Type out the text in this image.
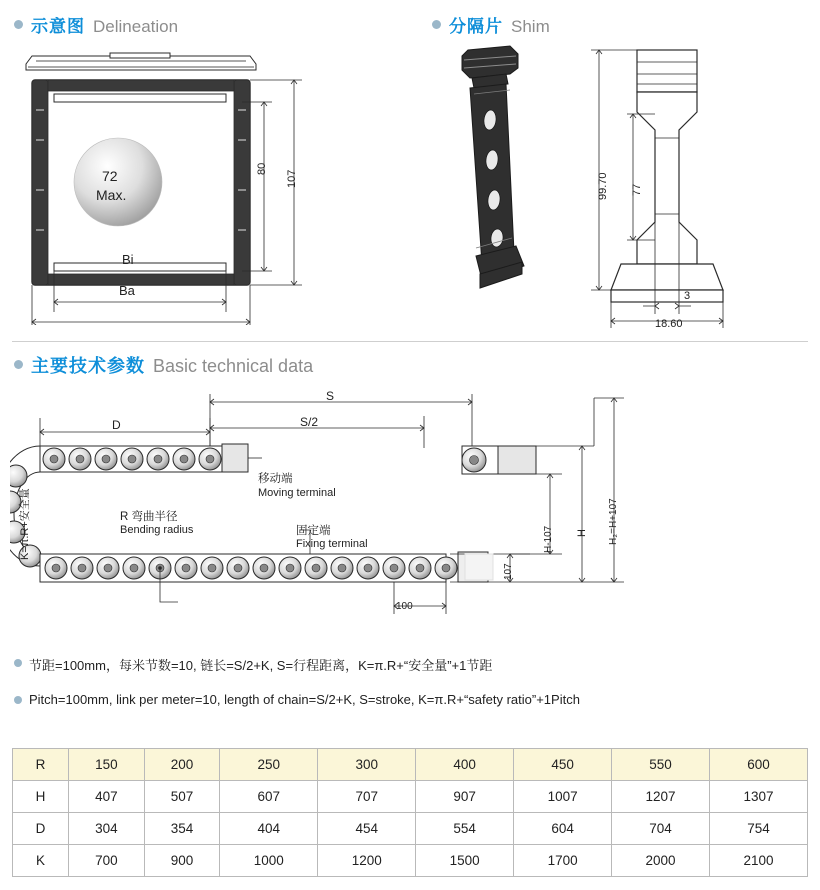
示意图 Delineation	分隔片 Shim
72
Max.
80
107
Bi
Ba
99.70 77
3
18.60
主要技术参数 Basic technical data
S
S/2
D
K=π.R+安全量	R 弯曲半径
Bending radius
移动端
Moving terminal
固定端
Fixing terminal
100
107
H-107 H H₂=H+107
节距=100mm，每米节数=10, 链长=S/2+K, S=行程距离，K=π.R+“安全量”+1节距
Pitch=100mm, link per meter=10, length of chain=S/2+K, S=stroke, K=π.R+“safety ratio”+1Pitch
R	150	200	250	300	400	450	550	600
H	407	507	607	707	907	1007	1207	1307
D	304	354	404	454	554	604	704	754
K	700	900	1000	1200	1500	1700	2000	2100
